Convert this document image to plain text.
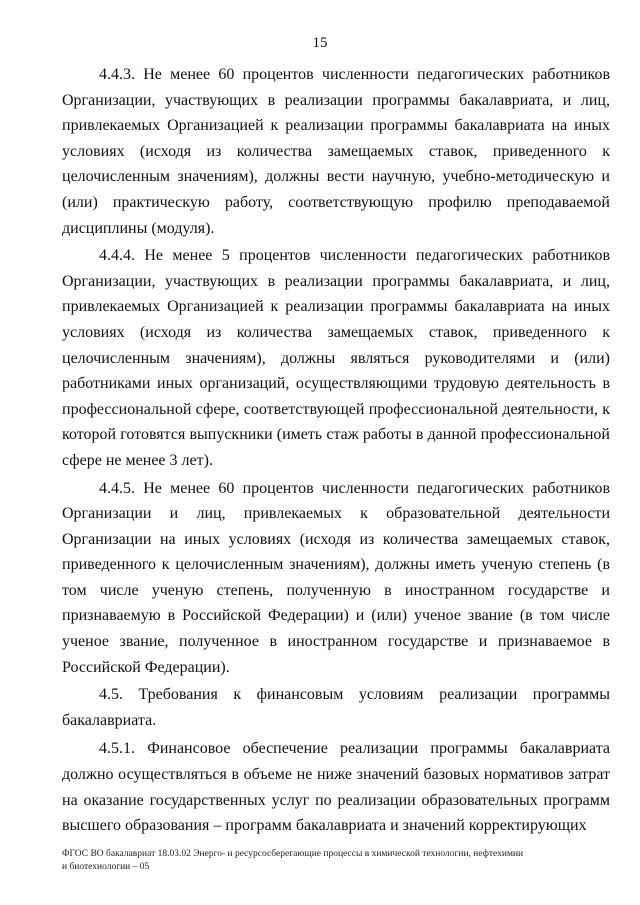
15

4.4.3. Не менее 60 процентов численности педагогических работников Организации, участвующих в реализации программы бакалавриата, и лиц, привлекаемых Организацией к реализации программы бакалавриата на иных условиях (исходя из количества замещаемых ставок, приведенного к целочисленным значениям), должны вести научную, учебно-методическую и (или) практическую работу, соответствующую профилю преподаваемой дисциплины (модуля).

4.4.4. Не менее 5 процентов численности педагогических работников Организации, участвующих в реализации программы бакалавриата, и лиц, привлекаемых Организацией к реализации программы бакалавриата на иных условиях (исходя из количества замещаемых ставок, приведенного к целочисленным значениям), должны являться руководителями и (или) работниками иных организаций, осуществляющими трудовую деятельность в профессиональной сфере, соответствующей профессиональной деятельности, к которой готовятся выпускники (иметь стаж работы в данной профессиональной сфере не менее 3 лет).

4.4.5. Не менее 60 процентов численности педагогических работников Организации и лиц, привлекаемых к образовательной деятельности Организации на иных условиях (исходя из количества замещаемых ставок, приведенного к целочисленным значениям), должны иметь ученую степень (в том числе ученую степень, полученную в иностранном государстве и признаваемую в Российской Федерации) и (или) ученое звание (в том числе ученое звание, полученное в иностранном государстве и признаваемое в Российской Федерации).

4.5. Требования к финансовым условиям реализации программы бакалавриата.

4.5.1. Финансовое обеспечение реализации программы бакалавриата должно осуществляться в объеме не ниже значений базовых нормативов затрат на оказание государственных услуг по реализации образовательных программ высшего образования – программ бакалавриата и значений корректирующих

ФГОС ВО бакалавриат 18.03.02 Энерго- и ресурсосберегающие процессы в химической технологии, нефтехимии
и биотехнологии – 05
